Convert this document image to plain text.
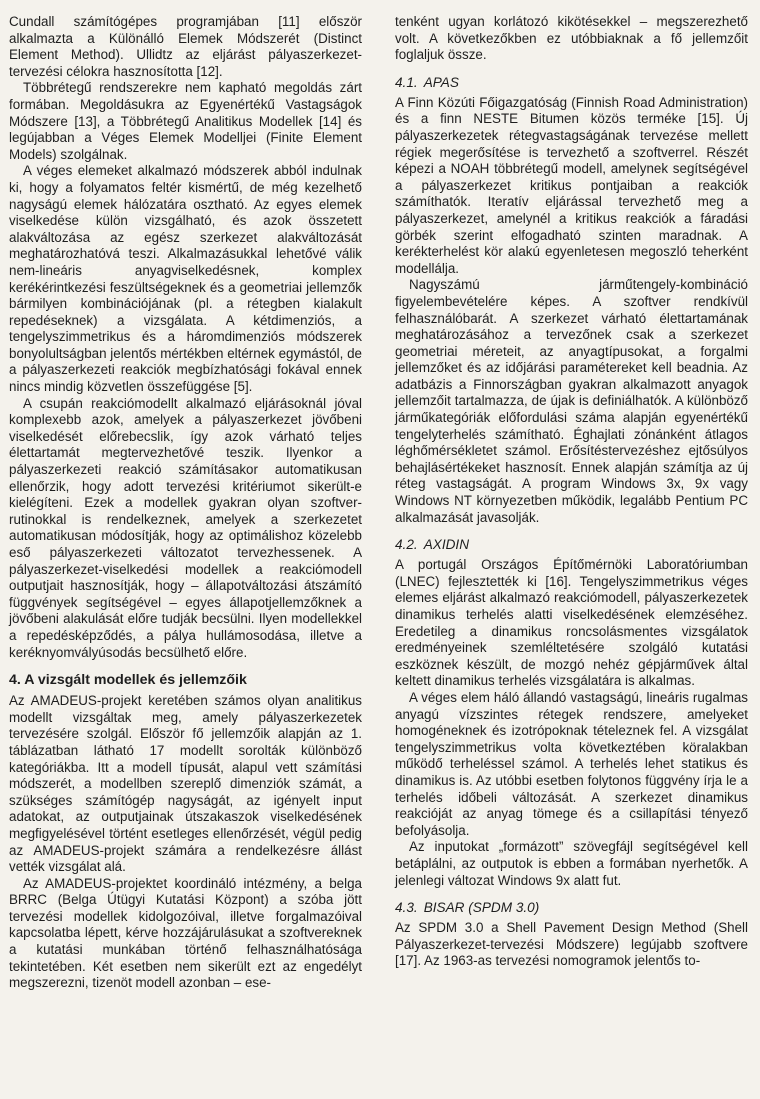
Cundall számítógépes programjában [11] először alkalmazta a Különálló Elemek Módszerét (Distinct Element Method). Ullidtz az eljárást pályaszerkezet-tervezési célokra hasznosította [12].

Többrétegű rendszerekre nem kapható megoldás zárt formában. Megoldásukra az Egyenértékű Vastagságok Módszere [13], a Többrétegű Analitikus Modellek [14] és legújabban a Véges Elemek Modelljei (Finite Element Models) szolgálnak.

A véges elemeket alkalmazó módszerek abból indulnak ki, hogy a folyamatos feltér kismértű, de még kezelhető nagyságú elemek hálózatára osztható. Az egyes elemek viselkedése külön vizsgálható, és azok összetett alakváltozása az egész szerkezet alakváltozását meghatározhatóvá teszi. Alkalmazásukkal lehetővé válik nem-lineáris anyagviselkedésnek, komplex kerékérintkezési feszültségeknek és a geometriai jellemzők bármilyen kombinációjának (pl. a rétegben kialakult repedéseknek) a vizsgálata. A kétdimenziós, a tengelyszimmetrikus és a háromdimenziós módszerek bonyolultságban jelentős mértékben eltérnek egymástól, de a pályaszerkezeti reakciók megbízhatósági fokával ennek nincs mindig közvetlen összefüggése [5].

A csupán reakciómodellt alkalmazó eljárásoknál jóval komplexebb azok, amelyek a pályaszerkezet jövőbeni viselkedését előrebecslik, így azok várható teljes élettartamát megtervezhetővé teszik. Ilyenkor a pályaszerkezeti reakció számításakor automatikusan ellenőrzik, hogy adott tervezési kritériumot sikerült-e kielégíteni. Ezek a modellek gyakran olyan szoftver-rutinokkal is rendelkeznek, amelyek a szerkezetet automatikusan módosítják, hogy az optimálishoz közelebb eső pályaszerkezeti változatot tervezhessenek. A pályaszerkezet-viselkedési modellek a reakciómodell outputjait hasznosítják, hogy – állapotváltozási átszámító függvények segítségével – egyes állapotjellemzőknek a jövőbeni alakulását előre tudják becsülni. Ilyen modellekkel a repedésképződés, a pálya hullámosodása, illetve a keréknyomvályúsodás becsülhető előre.

4. A vizsgált modellek és jellemzőik

Az AMADEUS-projekt keretében számos olyan analitikus modellt vizsgáltak meg, amely pályaszerkezetek tervezésére szolgál. Először fő jellemzőik alapján az 1. táblázatban látható 17 modellt sorolták különböző kategóriákba. Itt a modell típusát, alapul vett számítási módszerét, a modellben szereplő dimenziók számát, a szükséges számítógép nagyságát, az igényelt input adatokat, az outputjainak útszakaszok viselkedésének megfigyelésével történt esetleges ellenőrzését, végül pedig az AMADEUS-projekt számára a rendelkezésre állást vették vizsgálat alá.

Az AMADEUS-projektet koordináló intézmény, a belga BRRC (Belga Útügyi Kutatási Központ) a szóba jött tervezési modellek kidolgozóival, illetve forgalmazóival kapcsolatba lépett, kérve hozzájárulásukat a szoftvereknek a kutatási munkában történő felhasználhatósága tekintetében. Két esetben nem sikerült ezt az engedélyt megszerezni, tizenöt modell azonban – ese-

tenként ugyan korlátozó kikötésekkel – megszerezhető volt. A következőkben ez utóbbiaknak a fő jellemzőit foglaljuk össze.

4.1. APAS

A Finn Közúti Főigazgatóság (Finnish Road Administration) és a finn NESTE Bitumen közös terméke [15]. Új pályaszerkezetek rétegvastagságának tervezése mellett régiek megerősítése is tervezhető a szoftverrel. Részét képezi a NOAH többrétegű modell, amelynek segítségével a pályaszerkezet kritikus pontjaiban a reakciók számíthatók. Iteratív eljárással tervezhető meg a pályaszerkezet, amelynél a kritikus reakciók a fáradási görbék szerint elfogadható szinten maradnak. A kerékterhelést kör alakú egyenletesen megoszló teherként modellálja.

Nagyszámú járműtengely-kombináció figyelembevételére képes. A szoftver rendkívül felhasználóbarát. A szerkezet várható élettartamának meghatározásához a tervezőnek csak a szerkezet geometriai méreteit, az anyagtípusokat, a forgalmi jellemzőket és az időjárási paramétereket kell beadnia. Az adatbázis a Finnországban gyakran alkalmazott anyagok jellemzőit tartalmazza, de újak is definiálhatók. A különböző járműkategóriák előfordulási száma alapján egyenértékű tengelyterhelés számítható. Éghajlati zónánként átlagos léghőmérsékletet számol. Erősítéstervezéshez ejtősúlyos behajlásértékeket hasznosít. Ennek alapján számítja az új réteg vastagságát. A program Windows 3x, 9x vagy Windows NT környezetben működik, legalább Pentium PC alkalmazását javasolják.

4.2. AXIDIN

A portugál Országos Építőmérnöki Laboratóriumban (LNEC) fejlesztették ki [16]. Tengelyszimmetrikus véges elemes eljárást alkalmazó reakciómodell, pályaszerkezetek dinamikus terhelés alatti viselkedésének elemzéséhez. Eredetileg a dinamikus roncsolásmentes vizsgálatok eredményeinek szemléltetésére szolgáló kutatási eszköznek készült, de mozgó nehéz gépjárművek által keltett dinamikus terhelés vizsgálatára is alkalmas.

A véges elem háló állandó vastagságú, lineáris rugalmas anyagú vízszintes rétegek rendszere, amelyeket homogéneknek és izotrópoknak tételeznek fel. A vizsgálat tengelyszimmetrikus volta következtében köralakban működő terheléssel számol. A terhelés lehet statikus és dinamikus is. Az utóbbi esetben folytonos függvény írja le a terhelés időbeli változását. A szerkezet dinamikus reakcióját az anyag tömege és a csillapítási tényező befolyásolja.

Az inputokat „formázott” szövegfájl segítségével kell betáplálni, az outputok is ebben a formában nyerhetők. A jelenlegi változat Windows 9x alatt fut.

4.3. BISAR (SPDM 3.0)

Az SPDM 3.0 a Shell Pavement Design Method (Shell Pályaszerkezet-tervezési Módszere) legújabb szoftvere [17]. Az 1963-as tervezési nomogramok jelentős to-
